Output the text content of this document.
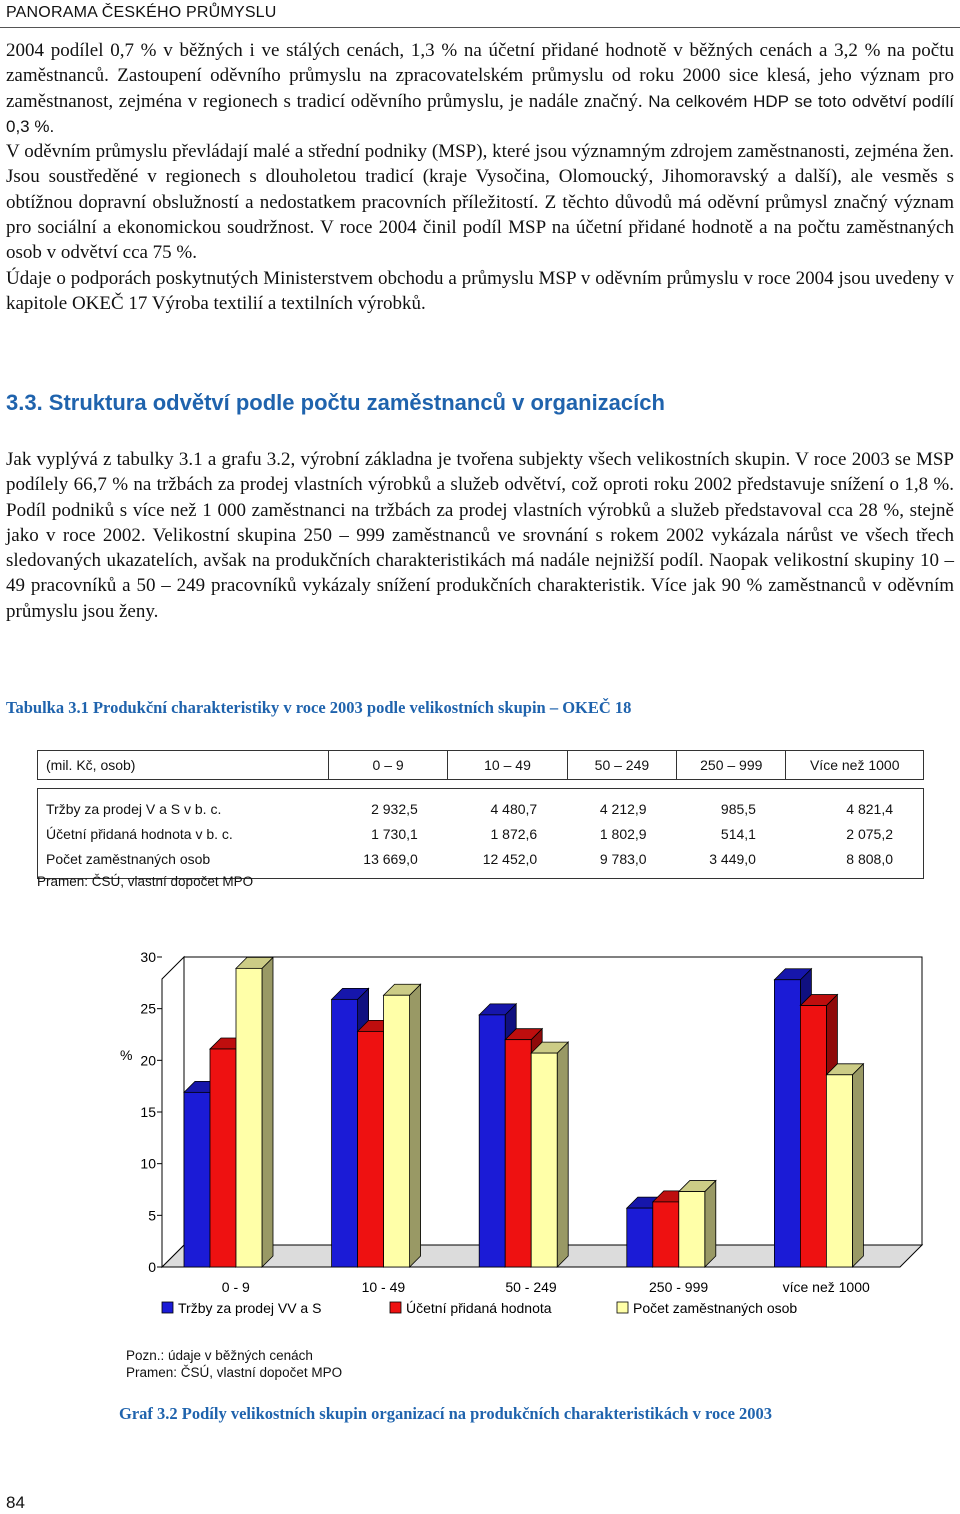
PANORAMA ČESKÉHO PRŮMYSLU

2004 podílel 0,7 % v běžných i ve stálých cenách, 1,3 % na účetní přidané hodnotě v běžných cenách a 3,2 % na počtu zaměstnanců. Zastoupení oděvního průmyslu na zpracovatelském průmyslu od roku 2000 sice klesá, jeho význam pro zaměstnanost, zejména v regionech s tradicí oděvního průmyslu, je nadále značný. Na celkovém HDP se toto odvětví podílí 0,3 %.

V oděvním průmyslu převládají malé a střední podniky (MSP), které jsou významným zdrojem zaměstnanosti, zejména žen. Jsou soustředěné v regionech s dlouholetou tradicí (kraje Vysočina, Olomoucký, Jihomoravský a další), ale vesměs s obtížnou dopravní obslužností a nedostatkem pracovních příležitostí. Z těchto důvodů má oděvní průmysl značný význam pro sociální a ekonomickou soudržnost. V roce 2004 činil podíl MSP na účetní přidané hodnotě a na počtu zaměstnaných osob v odvětví cca 75 %.

Údaje o podporách poskytnutých Ministerstvem obchodu a průmyslu MSP v oděvním průmyslu v roce 2004 jsou uvedeny v kapitole OKEČ 17 Výroba textilií a textilních výrobků.

3.3. Struktura odvětví podle počtu zaměstnanců v organizacích

Jak vyplývá z tabulky 3.1 a grafu 3.2, výrobní základna je tvořena subjekty všech velikostních skupin. V roce 2003 se MSP podílely 66,7 % na tržbách za prodej vlastních výrobků a služeb odvětví, což oproti roku 2002 představuje snížení o 1,8 %. Podíl podniků s více než 1 000 zaměstnanci na tržbách za prodej vlastních výrobků a služeb představoval cca 28 %, stejně jako v roce 2002. Velikostní skupina 250 – 999 zaměstnanců ve srovnání s rokem 2002 vykázala nárůst ve všech třech sledovaných ukazatelích, avšak na produkčních charakteristikách má nadále nejnižší podíl. Naopak velikostní skupiny 10 – 49 pracovníků a 50 – 249 pracovníků vykázaly snížení produkčních charakteristik. Více jak 90 % zaměstnanců v oděvním průmyslu jsou ženy.

Tabulka 3.1 Produkční charakteristiky v roce 2003 podle velikostních skupin – OKEČ 18
(mil. Kč, osob)	0 – 9	10 – 49	50 – 249	250 – 999	Více než 1000

Tržby za prodej V a S v b. c.	2 932,5	4 480,7	4 212,9	985,5	4 821,4
Účetní přidaná hodnota v b. c.	1 730,1	1 872,6	1 802,9	514,1	2 075,2
Počet zaměstnaných osob	13 669,0	12 452,0	9 783,0	3 449,0	8 808,0

Pramen: ČSÚ, vlastní dopočet MPO
0
5
10
15
20
25
30
%
0 - 9	10 - 49	50 - 249	250 - 999	více než 1000
Tržby za prodej VV a S	Účetní přidaná hodnota	Počet zaměstnaných osob
Pozn.: údaje v běžných cenách
Pramen: ČSÚ, vlastní dopočet MPO
Graf 3.2 Podíly velikostních skupin organizací na produkčních charakteristikách v roce 2003
84
